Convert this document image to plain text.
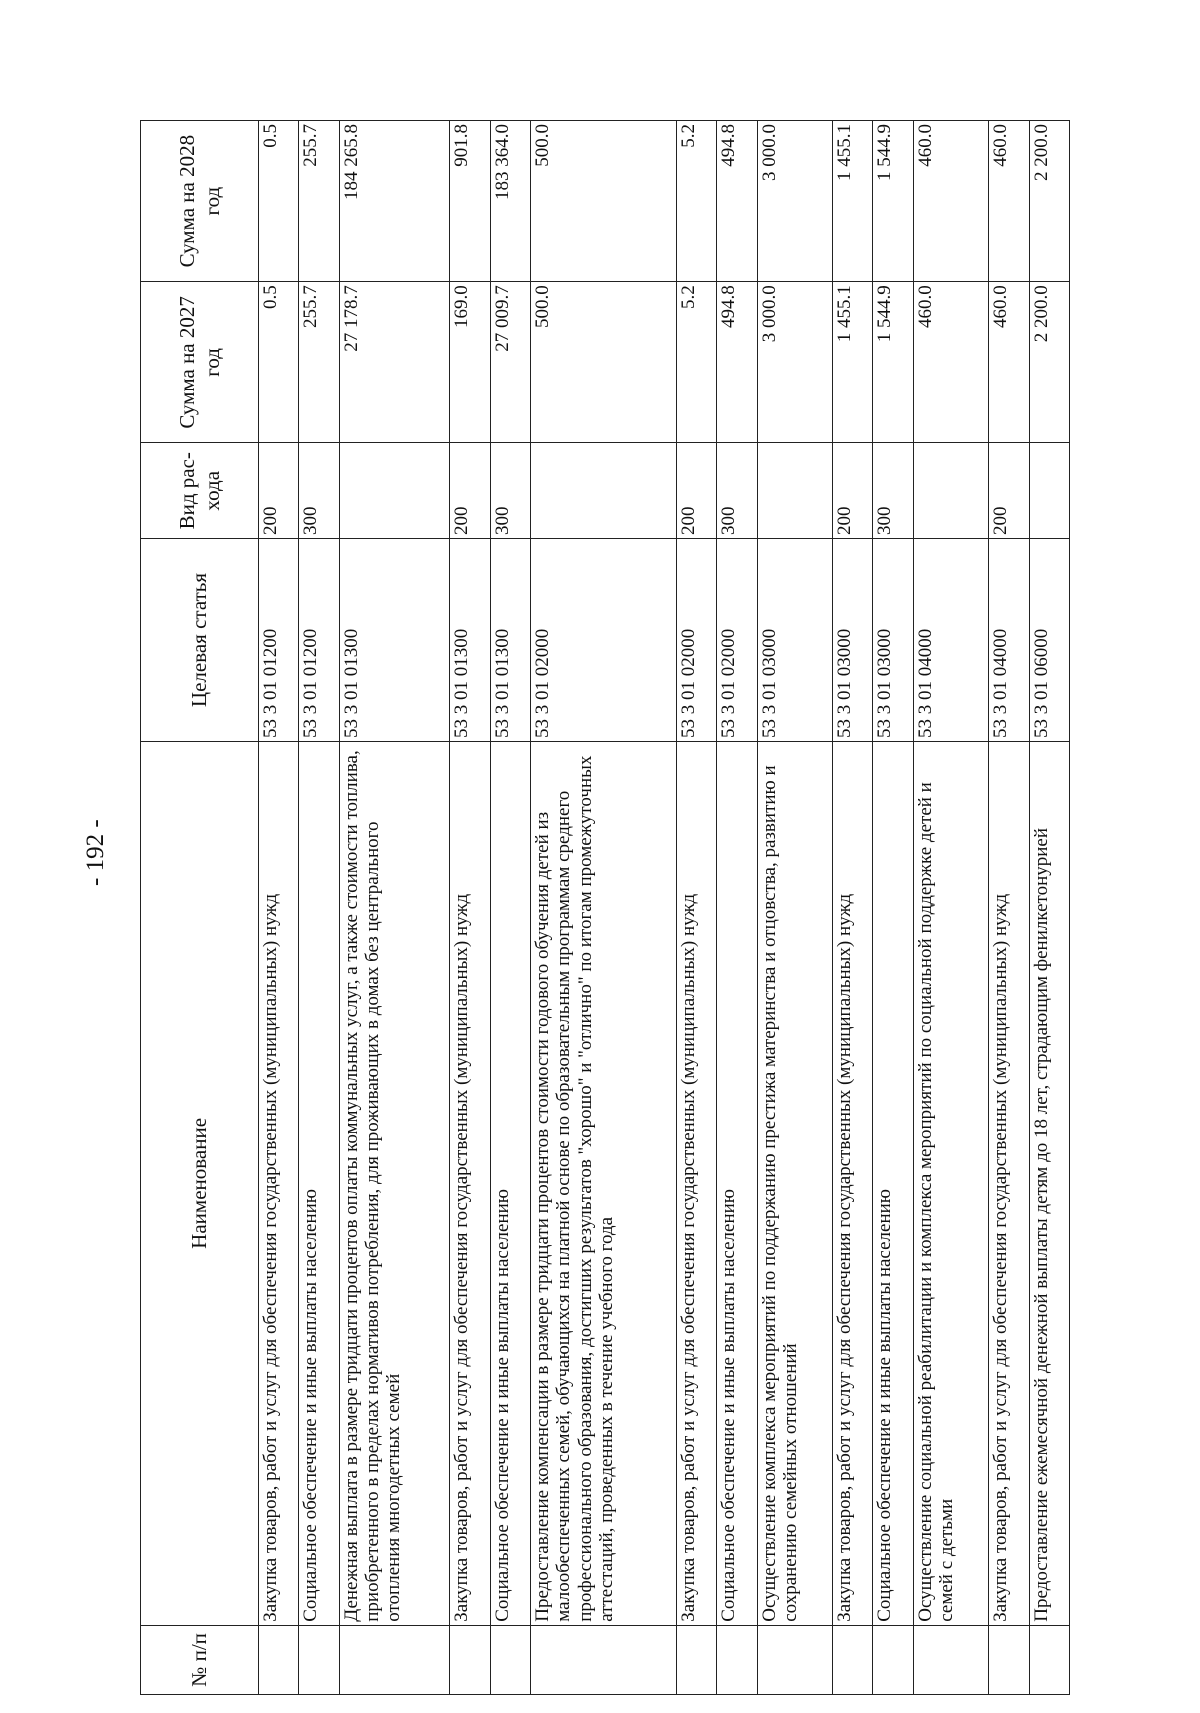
- 192 -
№ п/п	Наименование	Целевая статья	Вид рас-хода	Сумма на 2027 год	Сумма на 2028 год
	Закупка товаров, работ и услуг для обеспечения государственных (муниципальных) нужд	53 3 01 01200	200	0.5	0.5
	Социальное обеспечение и иные выплаты населению	53 3 01 01200	300	255.7	255.7
	Денежная выплата в размере тридцати процентов оплаты коммунальных услуг, а также стоимости топлива, приобретенного в пределах нормативов потребления, для проживающих в домах без центрального отопления многодетных семей	53 3 01 01300		27 178.7	184 265.8
	Закупка товаров, работ и услуг для обеспечения государственных (муниципальных) нужд	53 3 01 01300	200	169.0	901.8
	Социальное обеспечение и иные выплаты населению	53 3 01 01300	300	27 009.7	183 364.0
	Предоставление компенсации в размере тридцати процентов стоимости годового обучения детей из малообеспеченных семей, обучающихся на платной основе по образовательным программам среднего профессионального образования, достигших результатов "хорошо" и "отлично" по итогам промежуточных аттестаций, проведенных в течение учебного года	53 3 01 02000		500.0	500.0
	Закупка товаров, работ и услуг для обеспечения государственных (муниципальных) нужд	53 3 01 02000	200	5.2	5.2
	Социальное обеспечение и иные выплаты населению	53 3 01 02000	300	494.8	494.8
	Осуществление комплекса мероприятий по поддержанию престижа материнства и отцовства, развитию и сохранению семейных отношений	53 3 01 03000		3 000.0	3 000.0
	Закупка товаров, работ и услуг для обеспечения государственных (муниципальных) нужд	53 3 01 03000	200	1 455.1	1 455.1
	Социальное обеспечение и иные выплаты населению	53 3 01 03000	300	1 544.9	1 544.9
	Осуществление социальной реабилитации и комплекса мероприятий по социальной поддержке детей и семей с детьми	53 3 01 04000		460.0	460.0
	Закупка товаров, работ и услуг для обеспечения государственных (муниципальных) нужд	53 3 01 04000	200	460.0	460.0
	Предоставление ежемесячной денежной выплаты детям до 18 лет, страдающим фенилкетонурией	53 3 01 06000		2 200.0	2 200.0
